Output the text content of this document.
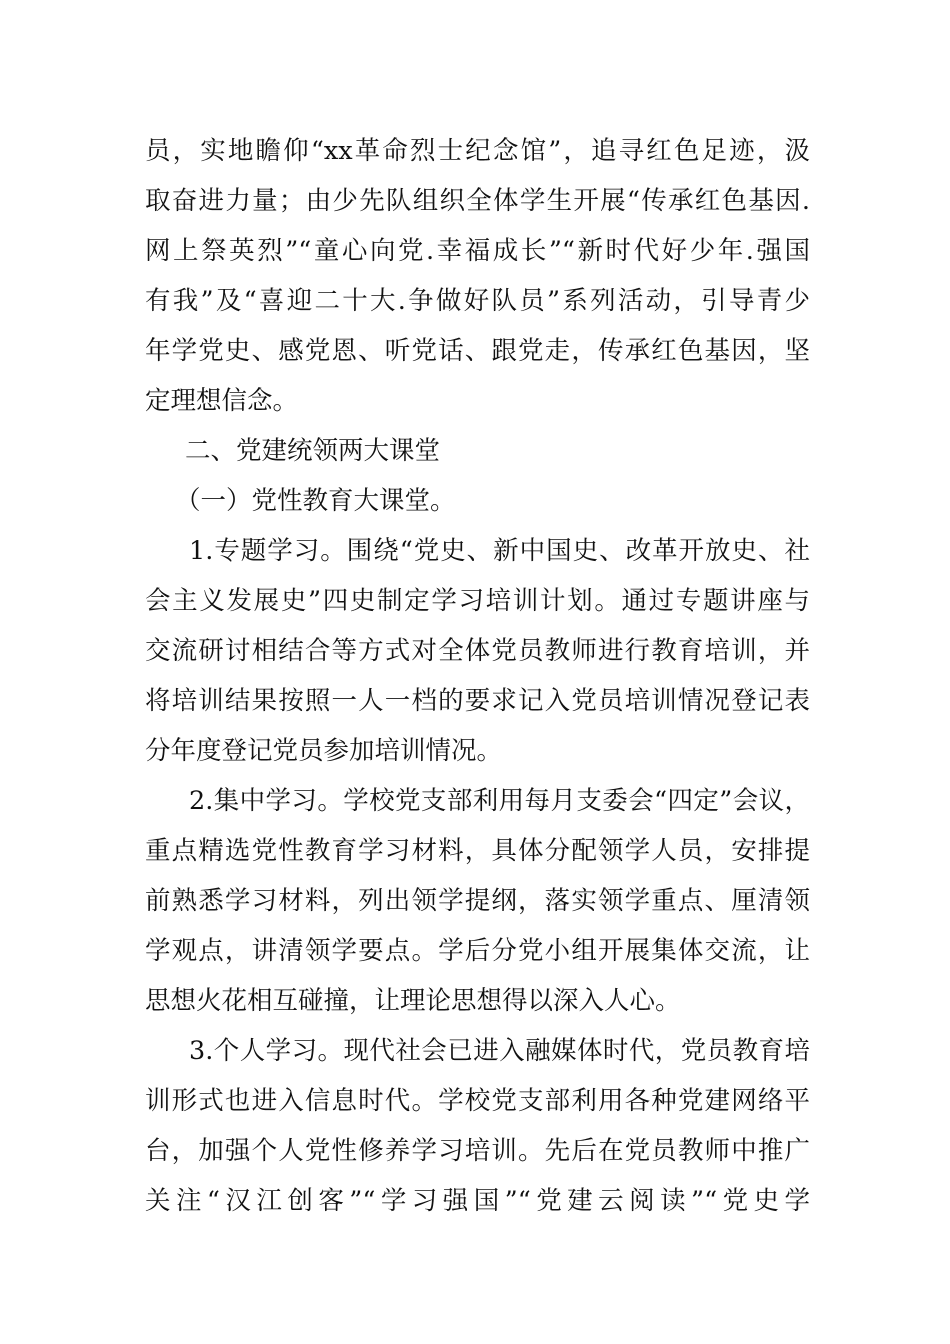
员，实地瞻仰“xx革命烈士纪念馆”，追寻红色足迹，汲
取奋进力量；由少先队组织全体学生开展“传承红色基因.
网上祭英烈”“童心向党.幸福成长”“新时代好少年.强国
有我”及“喜迎二十大.争做好队员”系列活动，引导青少
年学党史、感党恩、听党话、跟党走，传承红色基因，坚
定理想信念。
二、党建统领两大课堂
（一）党性教育大课堂。
1.专题学习。围绕“党史、新中国史、改革开放史、社
会主义发展史”四史制定学习培训计划。通过专题讲座与
交流研讨相结合等方式对全体党员教师进行教育培训，并
将培训结果按照一人一档的要求记入党员培训情况登记表
分年度登记党员参加培训情况。
2.集中学习。学校党支部利用每月支委会“四定”会议，
重点精选党性教育学习材料，具体分配领学人员，安排提
前熟悉学习材料，列出领学提纲，落实领学重点、厘清领
学观点，讲清领学要点。学后分党小组开展集体交流，让
思想火花相互碰撞，让理论思想得以深入人心。
3.个人学习。现代社会已进入融媒体时代，党员教育培
训形式也进入信息时代。学校党支部利用各种党建网络平
台，加强个人党性修养学习培训。先后在党员教师中推广
关注“汉江创客”“学习强国”“党建云阅读”“党史学
